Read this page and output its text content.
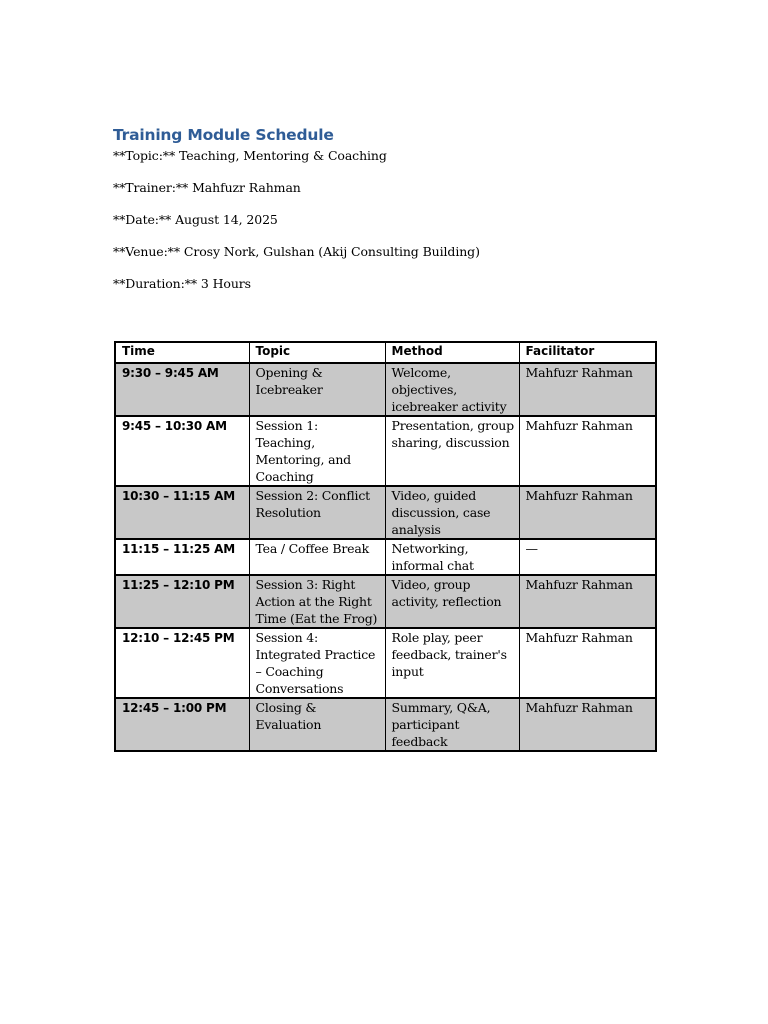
Training Module Schedule

**Topic:** Teaching, Mentoring & Coaching

**Trainer:** Mahfuzr Rahman

**Date:** August 14, 2025

**Venue:** Crosy Nork, Gulshan (Akij Consulting Building)

**Duration:** 3 Hours

Time	Topic	Method	Facilitator
9:30 – 9:45 AM	Opening & Icebreaker	Welcome, objectives, icebreaker activity	Mahfuzr Rahman
9:45 – 10:30 AM	Session 1: Teaching, Mentoring, and Coaching	Presentation, group sharing, discussion	Mahfuzr Rahman
10:30 – 11:15 AM	Session 2: Conflict Resolution	Video, guided discussion, case analysis	Mahfuzr Rahman
11:15 – 11:25 AM	Tea / Coffee Break	Networking, informal chat	—
11:25 – 12:10 PM	Session 3: Right Action at the Right Time (Eat the Frog)	Video, group activity, reflection	Mahfuzr Rahman
12:10 – 12:45 PM	Session 4: Integrated Practice – Coaching Conversations	Role play, peer feedback, trainer's input	Mahfuzr Rahman
12:45 – 1:00 PM	Closing & Evaluation	Summary, Q&A, participant feedback	Mahfuzr Rahman
